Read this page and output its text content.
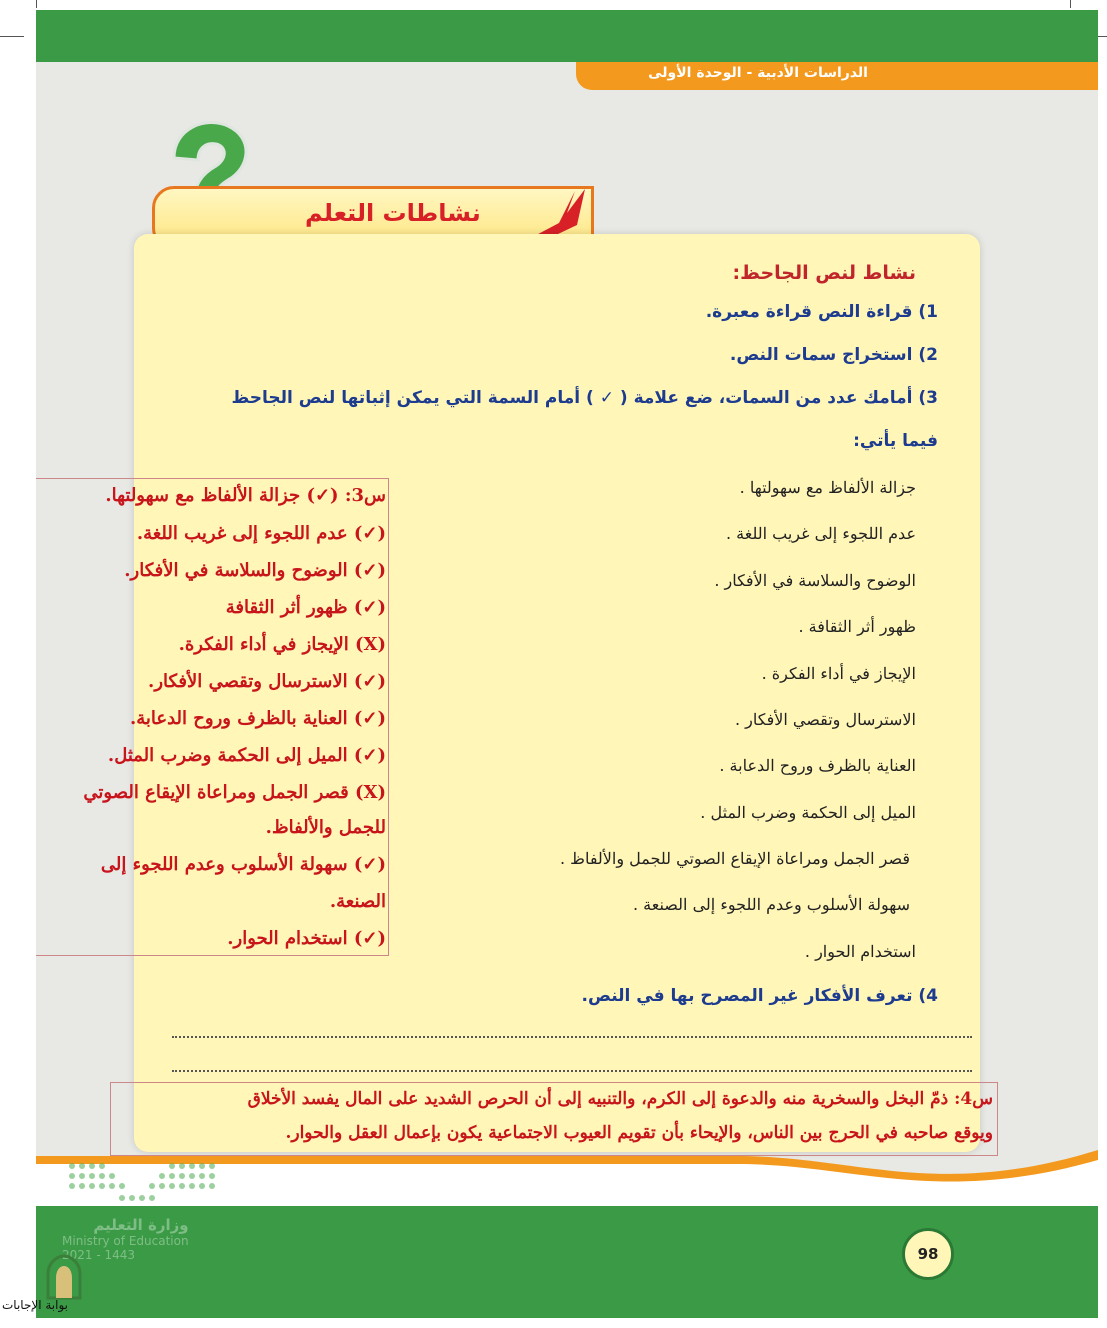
الدراسات الأدبية - الوحدة الأولى
نشاطات التعلم
نشاط لنص الجاحظ:
1) قراءة النص قراءة معبرة.
2) استخراج سمات النص.
3) أمامك عدد من السمات، ضع علامة ( ✓ ) أمام السمة التي يمكن إثباتها لنص الجاحظ
فيما يأتي:
جزالة الألفاظ مع سهولتها .
عدم اللجوء إلى غريب اللغة .
الوضوح والسلاسة في الأفكار .
ظهور أثر الثقافة .
الإيجاز في أداء الفكرة .
الاسترسال وتقصي الأفكار .
العناية بالظرف وروح الدعابة .
الميل إلى الحكمة وضرب المثل .
قصر الجمل ومراعاة الإيقاع الصوتي للجمل والألفاظ .
سهولة الأسلوب وعدم اللجوء إلى الصنعة .
استخدام الحوار .
4) تعرف الأفكار غير المصرح بها في النص.
س3: (✓) جزالة الألفاظ مع سهولتها.
(✓) عدم اللجوء إلى غريب اللغة.
(✓) الوضوح والسلاسة في الأفكار.
(✓) ظهور أثر الثقافة
(X) الإيجاز في أداء الفكرة.
(✓) الاسترسال وتقصي الأفكار.
(✓) العناية بالظرف وروح الدعابة.
(✓) الميل إلى الحكمة وضرب المثل.
(X) قصر الجمل ومراعاة الإيقاع الصوتي
للجمل والألفاظ.
(✓) سهولة الأسلوب وعدم اللجوء إلى
الصنعة.
(✓) استخدام الحوار.
س4: ذمّ البخل والسخرية منه والدعوة إلى الكرم، والتنبيه إلى أن الحرص الشديد على المال يفسد الأخلاق
ويوقع صاحبه في الحرج بين الناس، والإيحاء بأن تقويم العيوب الاجتماعية يكون بإعمال العقل والحوار.
وزارة التعليم
Ministry of Education
2021 - 1443	98
بوابة الإجابات
